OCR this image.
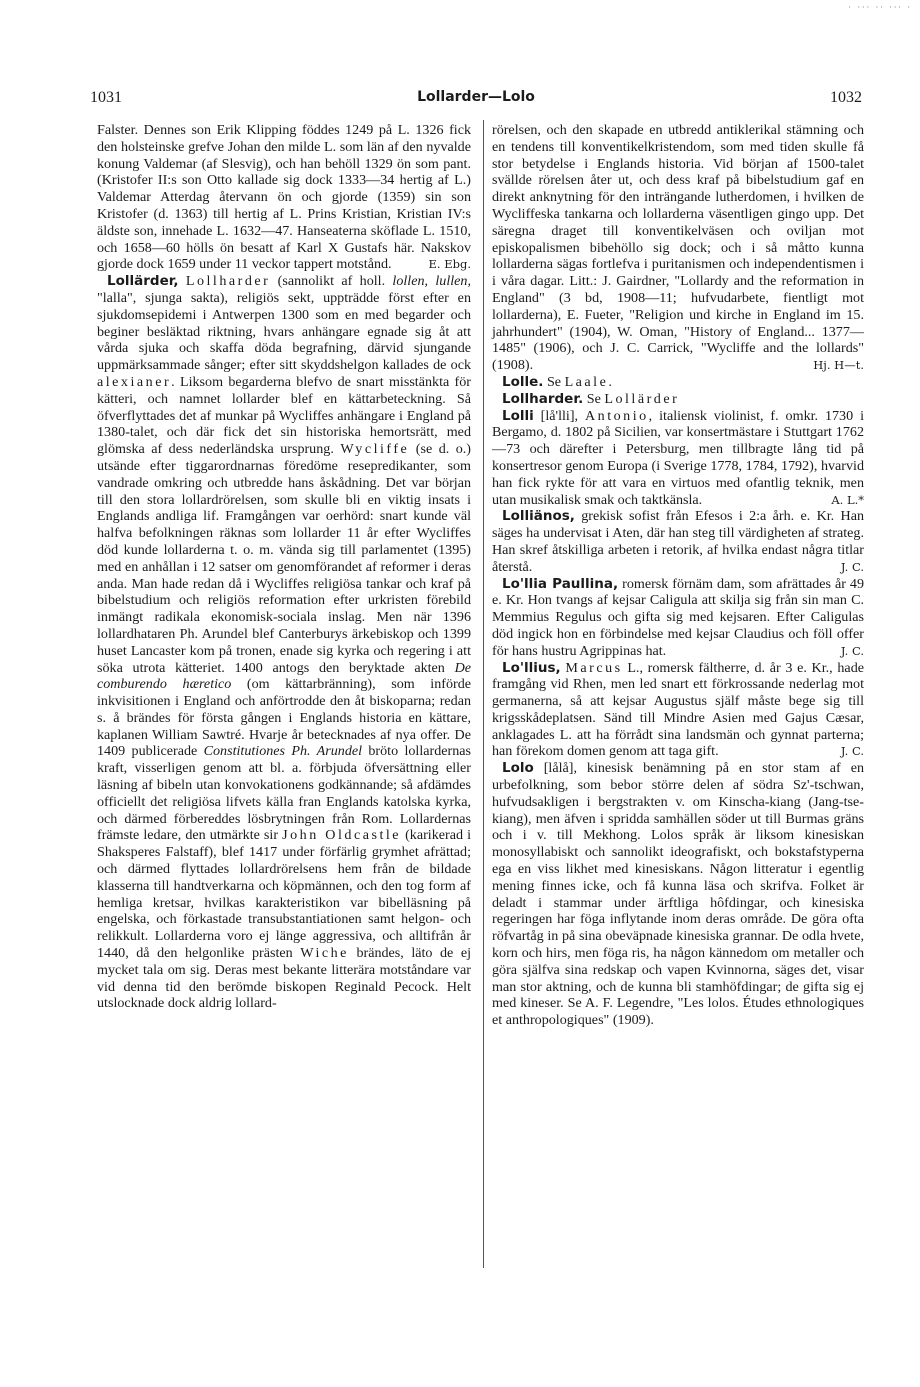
· ··· ·· ··· ·
1031	Lollarder—Lolo	1032

Falster. Dennes son Erik Klipping föddes 1249 på L. 1326 fick den holsteinske grefve Johan den milde L. som län af den nyvalde konung Valdemar (af Slesvig), och han behöll 1329 ön som pant. (Kristofer II:s son Otto kallade sig dock 1333—34 hertig af L.) Valdemar Atterdag återvann ön och gjorde (1359) sin son Kristofer (d. 1363) till hertig af L. Prins Kristian, Kristian IV:s äldste son, innehade L. 1632—47. Hanseaterna sköflade L. 1510, och 1658—60 hölls ön besatt af Karl X Gustafs här. Nakskov gjorde dock 1659 under 11 veckor tappert motstånd.	E. Ebg.

Lollärder, Lollharder (sannolikt af holl. lollen, lullen, "lalla", sjunga sakta), religiös sekt, uppträdde först efter en sjukdomsepidemi i Antwerpen 1300 som en med begarder och beginer besläktad riktning, hvars anhängare egnade sig åt att vårda sjuka och skaffa döda begrafning, därvid sjungande uppmärksammade sånger; efter sitt skyddshelgon kallades de ock alexianer. Liksom begarderna blefvo de snart misstänkta för kätteri, och namnet lollarder blef en kättarbeteckning. Så öfverflyttades det af munkar på Wycliffes anhängare i England på 1380-talet, och där fick det sin historiska hemortsrätt, med glömska af dess nederländska ursprung. Wycliffe (se d. o.) utsände efter tiggarordnarnas föredöme resepredikanter, som vandrade omkring och utbredde hans åskådning. Det var början till den stora lollardrörelsen, som skulle bli en viktig insats i Englands andliga lif. Framgången var oerhörd: snart kunde väl halfva befolkningen räknas som lollarder 11 år efter Wycliffes död kunde lollarderna t. o. m. vända sig till parlamentet (1395) med en anhållan i 12 satser om genomförandet af reformer i deras anda. Man hade redan då i Wycliffes religiösa tankar och kraf på bibelstudium och religiös reformation efter urkristen förebild inmängt radikala ekonomisk-sociala inslag. Men när 1396 lollardhataren Ph. Arundel blef Canterburys ärkebiskop och 1399 huset Lancaster kom på tronen, enade sig kyrka och regering i att söka utrota kätteriet. 1400 antogs den beryktade akten De comburendo hæretico (om kättarbränning), som införde inkvisitionen i England och anförtrodde den åt biskoparna; redan s. å brändes för första gången i Englands historia en kättare, kaplanen William Sawtré. Hvarje år betecknades af nya offer. De 1409 publicerade Constitutiones Ph. Arundel bröto lollardernas kraft, visserligen genom att bl. a. förbjuda öfversättning eller läsning af bibeln utan konvokationens godkännande; så afdämdes officiellt det religiösa lifvets källa fran Englands katolska kyrka, och därmed förbereddes lösbrytningen från Rom. Lollardernas främste ledare, den utmärkte sir John Oldcastle (karikerad i Shaksperes Falstaff), blef 1417 under förfärlig grymhet afrättad; och därmed flyttades lollardrörelsens hem från de bildade klasserna till handtverkarna och köpmännen, och den tog form af hemliga kretsar, hvilkas karakteristikon var bibelläsning på engelska, och förkastade transubstantiationen samt helgon- och relikkult. Lollarderna voro ej länge aggressiva, och alltifrån år 1440, då den helgonlike prästen Wiche brändes, läto de ej mycket tala om sig. Deras mest bekante litterära motståndare var vid denna tid den berömde biskopen Reginald Pecock. Helt utslocknade dock aldrig lollard-

rörelsen, och den skapade en utbredd antiklerikal stämning och en tendens till konventikelkristendom, som med tiden skulle få stor betydelse i Englands historia. Vid början af 1500-talet svällde rörelsen åter ut, och dess kraf på bibelstudium gaf en direkt anknytning för den inträngande lutherdomen, i hvilken de Wycliffeska tankarna och lollarderna väsentligen gingo upp. Det säregna draget till konventikelväsen och oviljan mot episkopalismen bibehöllo sig dock; och i så måtto kunna lollarderna sägas fortlefva i puritanismen och independentismen i i våra dagar. Litt.: J. Gairdner, "Lollardy and the reformation in England" (3 bd, 1908—11; hufvudarbete, fientligt mot lollarderna), E. Fueter, "Religion und kirche in England im 15. jahrhundert" (1904), W. Oman, "History of England... 1377—1485" (1906), och J. C. Carrick, "Wycliffe and the lollards" (1908).	Hj. H—t.

Lolle. Se Laale.

Lollharder. Se Lollärder

Lolli [lå'lli], Antonio, italiensk violinist, f. omkr. 1730 i Bergamo, d. 1802 på Sicilien, var konsertmästare i Stuttgart 1762—73 och därefter i Petersburg, men tillbragte lång tid på konsertresor genom Europa (i Sverige 1778, 1784, 1792), hvarvid han fick rykte för att vara en virtuos med ofantlig teknik, men utan musikalisk smak och taktkänsla.	A. L.*

Lolliänos, grekisk sofist från Efesos i 2:a årh. e. Kr. Han säges ha undervisat i Aten, där han steg till värdigheten af strateg. Han skref åtskilliga arbeten i retorik, af hvilka endast några titlar återstå.	J. C.

Lo'llia Paullina, romersk förnäm dam, som afrättades år 49 e. Kr. Hon tvangs af kejsar Caligula att skilja sig från sin man C. Memmius Regulus och gifta sig med kejsaren. Efter Caligulas död ingick hon en förbindelse med kejsar Claudius och föll offer för hans hustru Agrippinas hat.	J. C.

Lo'llius, Marcus L., romersk fältherre, d. år 3 e. Kr., hade framgång vid Rhen, men led snart ett förkrossande nederlag mot germanerna, så att kejsar Augustus själf måste bege sig till krigsskådeplatsen. Sänd till Mindre Asien med Gajus Cæsar, anklagades L. att ha förrådt sina landsmän och gynnat parterna; han förekom domen genom att taga gift.	J. C.

Lolo [lålå], kinesisk benämning på en stor stam af en urbefolkning, som bebor större delen af södra Sz'-tschwan, hufvudsakligen i bergstrakten v. om Kinscha-kiang (Jang-tse-kiang), men äfven i spridda samhällen söder ut till Burmas gräns och i v. till Mekhong. Lolos språk är liksom kinesiskan monosyllabiskt och sannolikt ideografiskt, och bokstafstyperna ega en viss likhet med kinesiskans. Någon litteratur i egentlig mening finnes icke, och få kunna läsa och skrifva. Folket är deladt i stammar under ärftliga hôfdingar, och kinesiska regeringen har föga inflytande inom deras område. De göra ofta röfvartåg in på sina obeväpnade kinesiska grannar. De odla hvete, korn och hirs, men föga ris, ha någon kännedom om metaller och göra själfva sina redskap och vapen Kvinnorna, säges det, visar man stor aktning, och de kunna bli stamhöfdingar; de gifta sig ej med kineser. Se A. F. Legendre, "Les lolos. Études ethnologiques et anthropologiques" (1909).
